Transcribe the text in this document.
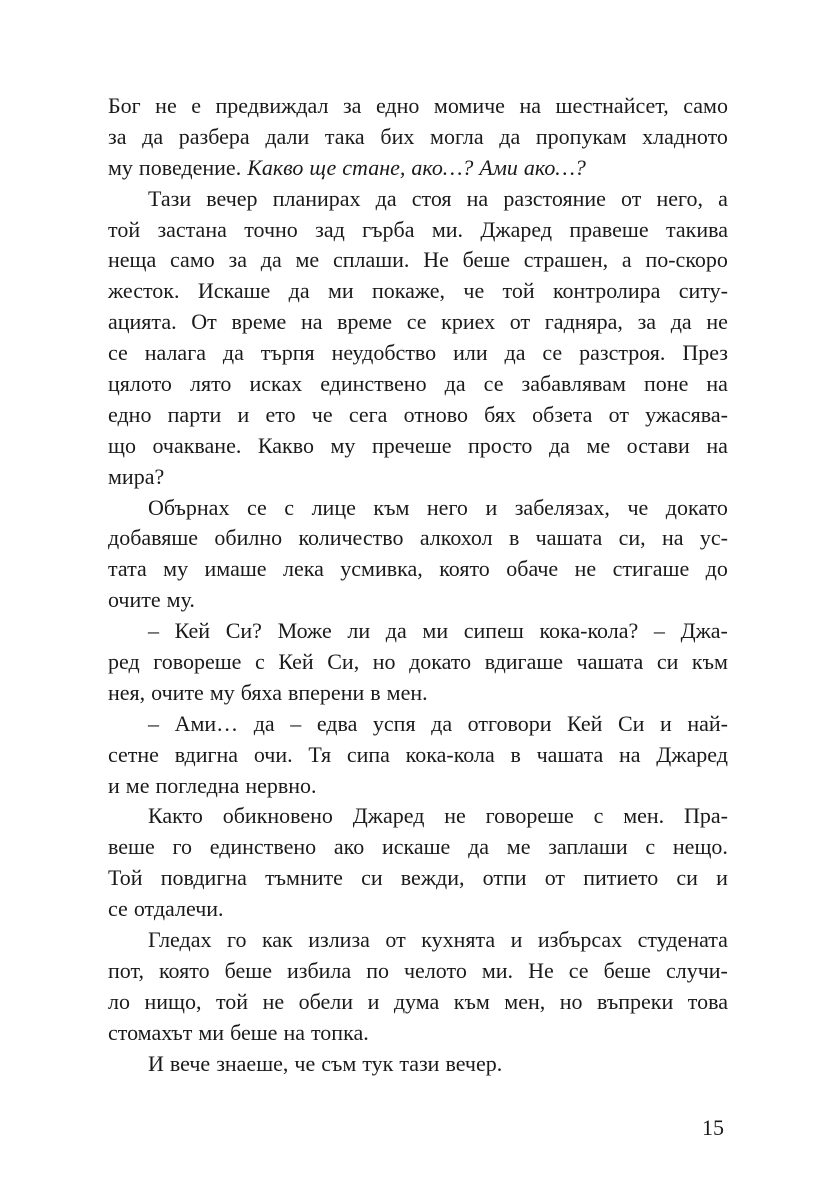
Бог не е предвиждал за едно момиче на шестнайсет, само
за да разбера дали така бих могла да пропукам хладното
му поведение. Какво ще стане, ако…? Ами ако…?
Тази вечер планирах да стоя на разстояние от него, а
той застана точно зад гърба ми. Джаред правеше такива
неща само за да ме сплаши. Не беше страшен, а по-скоро
жесток. Искаше да ми покаже, че той контролира ситу-
ацията. От време на време се криех от гадняра, за да не
се налага да търпя неудобство или да се разстроя. През
цялото лято исках единствено да се забавлявам поне на
едно парти и ето че сега отново бях обзета от ужасява-
що очакване. Какво му пречеше просто да ме остави на
мира?
Обърнах се с лице към него и забелязах, че докато
добавяше обилно количество алкохол в чашата си, на ус-
тата му имаше лека усмивка, която обаче не стигаше до
очите му.
– Кей Си? Може ли да ми сипеш кока-кола? – Джа-
ред говореше с Кей Си, но докато вдигаше чашата си към
нея, очите му бяха вперени в мен.
– Ами… да – едва успя да отговори Кей Си и най-
сетне вдигна очи. Тя сипа кока-кола в чашата на Джаред
и ме погледна нервно.
Както обикновено Джаред не говореше с мен. Пра-
веше го единствено ако искаше да ме заплаши с нещо.
Той повдигна тъмните си вежди, отпи от питието си и
се отдалечи.
Гледах го как излиза от кухнята и избърсах студената
пот, която беше избила по челото ми. Не се беше случи-
ло нищо, той не обели и дума към мен, но въпреки това
стомахът ми беше на топка.
И вече знаеше, че съм тук тази вечер.
15
